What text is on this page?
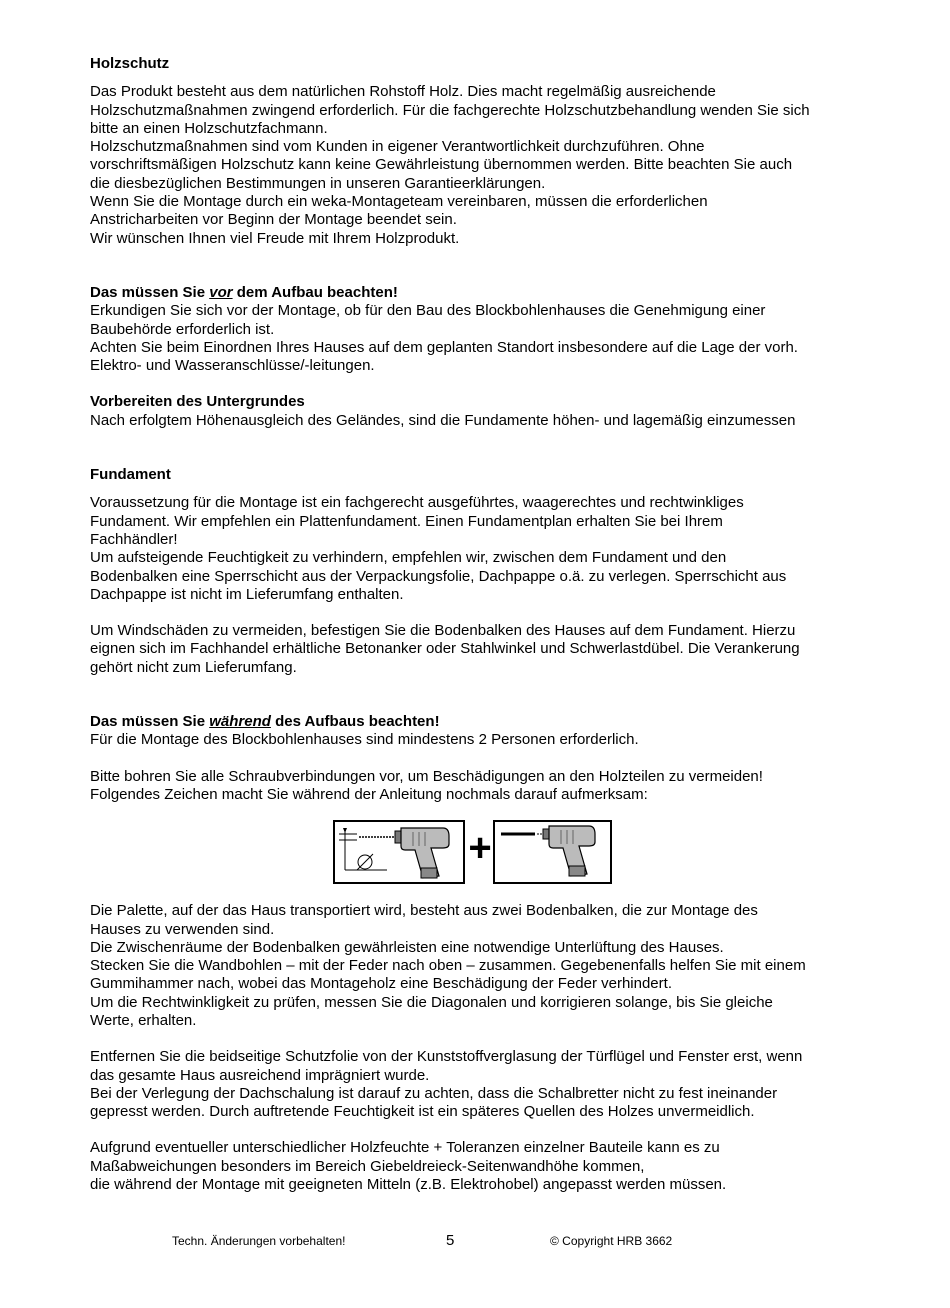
Holzschutz
Das Produkt besteht aus dem natürlichen Rohstoff Holz. Dies macht regelmäßig ausreichende
Holzschutzmaßnahmen zwingend erforderlich. Für die fachgerechte Holzschutzbehandlung wenden Sie sich
bitte an einen Holzschutzfachmann.
Holzschutzmaßnahmen sind vom Kunden in eigener Verantwortlichkeit durchzuführen. Ohne
vorschriftsmäßigen Holzschutz kann keine Gewährleistung übernommen werden. Bitte beachten Sie auch
die diesbezüglichen Bestimmungen in unseren Garantieerklärungen.
Wenn Sie die Montage durch ein weka-Montageteam vereinbaren, müssen die erforderlichen
Anstricharbeiten vor Beginn der Montage beendet sein.
Wir wünschen Ihnen viel Freude mit Ihrem Holzprodukt.
Das müssen Sie vor dem Aufbau beachten!
Erkundigen Sie sich vor der Montage, ob für den Bau des Blockbohlenhauses die Genehmigung einer
Baubehörde erforderlich ist.
Achten Sie beim Einordnen Ihres Hauses auf dem geplanten Standort insbesondere auf die Lage der vorh.
Elektro- und Wasseranschlüsse/-leitungen.
Vorbereiten des Untergrundes
Nach erfolgtem Höhenausgleich des Geländes, sind die Fundamente höhen- und lagemäßig einzumessen
Fundament
Voraussetzung für die Montage ist ein fachgerecht ausgeführtes, waagerechtes und rechtwinkliges
Fundament. Wir empfehlen ein Plattenfundament. Einen Fundamentplan erhalten Sie bei Ihrem
Fachhändler!
Um aufsteigende Feuchtigkeit zu verhindern, empfehlen wir, zwischen dem Fundament und den
Bodenbalken eine Sperrschicht aus der Verpackungsfolie, Dachpappe o.ä. zu verlegen. Sperrschicht aus
Dachpappe ist nicht im Lieferumfang enthalten.
Um Windschäden zu vermeiden, befestigen Sie die Bodenbalken des Hauses auf dem Fundament. Hierzu
eignen sich im Fachhandel erhältliche Betonanker oder Stahlwinkel und Schwerlastdübel. Die Verankerung
gehört nicht zum Lieferumfang.
Das müssen Sie während des Aufbaus beachten!
Für die Montage des Blockbohlenhauses sind mindestens 2 Personen erforderlich.
Bitte bohren Sie alle Schraubverbindungen vor, um Beschädigungen an den Holzteilen zu vermeiden!
Folgendes Zeichen macht Sie während der Anleitung nochmals darauf aufmerksam:
Die Palette, auf der das Haus transportiert wird, besteht aus zwei Bodenbalken, die zur Montage des
Hauses zu verwenden sind.
Die Zwischenräume der Bodenbalken gewährleisten eine notwendige Unterlüftung des Hauses.
Stecken Sie die Wandbohlen – mit der Feder nach oben – zusammen. Gegebenenfalls helfen Sie mit einem
Gummihammer nach, wobei das Montageholz eine Beschädigung der Feder verhindert.
Um die Rechtwinkligkeit zu prüfen, messen Sie die Diagonalen und korrigieren solange, bis Sie gleiche
Werte, erhalten.
Entfernen Sie die beidseitige Schutzfolie von der Kunststoffverglasung der Türflügel und Fenster erst, wenn
das gesamte Haus ausreichend imprägniert wurde.
Bei der Verlegung der Dachschalung ist darauf zu achten, dass die Schalbretter nicht zu fest ineinander
gepresst werden. Durch auftretende Feuchtigkeit ist ein späteres Quellen des Holzes unvermeidlich.
Aufgrund eventueller unterschiedlicher Holzfeuchte + Toleranzen einzelner Bauteile kann es zu
Maßabweichungen besonders im Bereich Giebeldreieck-Seitenwandhöhe kommen,
die während der Montage mit geeigneten Mitteln (z.B. Elektrohobel) angepasst werden müssen.
+
Techn. Änderungen vorbehalten!	5	© Copyright HRB 3662
